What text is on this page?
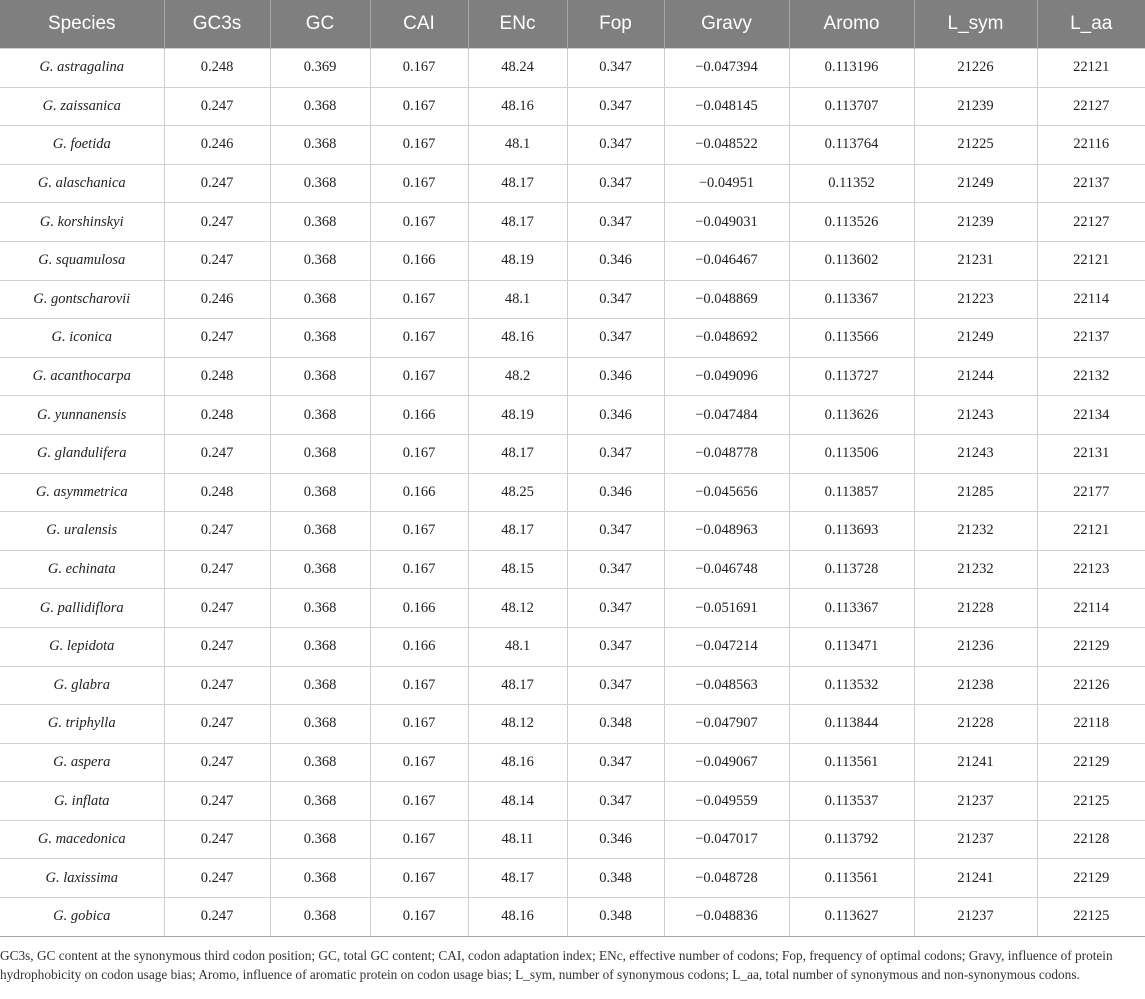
Species	GC3s	GC	CAI	ENc	Fop	Gravy	Aromo	L_sym	L_aa
G. astragalina	0.248	0.369	0.167	48.24	0.347	−0.047394	0.113196	21226	22121
G. zaissanica	0.247	0.368	0.167	48.16	0.347	−0.048145	0.113707	21239	22127
G. foetida	0.246	0.368	0.167	48.1	0.347	−0.048522	0.113764	21225	22116
G. alaschanica	0.247	0.368	0.167	48.17	0.347	−0.04951	0.11352	21249	22137
G. korshinskyi	0.247	0.368	0.167	48.17	0.347	−0.049031	0.113526	21239	22127
G. squamulosa	0.247	0.368	0.166	48.19	0.346	−0.046467	0.113602	21231	22121
G. gontscharovii	0.246	0.368	0.167	48.1	0.347	−0.048869	0.113367	21223	22114
G. iconica	0.247	0.368	0.167	48.16	0.347	−0.048692	0.113566	21249	22137
G. acanthocarpa	0.248	0.368	0.167	48.2	0.346	−0.049096	0.113727	21244	22132
G. yunnanensis	0.248	0.368	0.166	48.19	0.346	−0.047484	0.113626	21243	22134
G. glandulifera	0.247	0.368	0.167	48.17	0.347	−0.048778	0.113506	21243	22131
G. asymmetrica	0.248	0.368	0.166	48.25	0.346	−0.045656	0.113857	21285	22177
G. uralensis	0.247	0.368	0.167	48.17	0.347	−0.048963	0.113693	21232	22121
G. echinata	0.247	0.368	0.167	48.15	0.347	−0.046748	0.113728	21232	22123
G. pallidiflora	0.247	0.368	0.166	48.12	0.347	−0.051691	0.113367	21228	22114
G. lepidota	0.247	0.368	0.166	48.1	0.347	−0.047214	0.113471	21236	22129
G. glabra	0.247	0.368	0.167	48.17	0.347	−0.048563	0.113532	21238	22126
G. triphylla	0.247	0.368	0.167	48.12	0.348	−0.047907	0.113844	21228	22118
G. aspera	0.247	0.368	0.167	48.16	0.347	−0.049067	0.113561	21241	22129
G. inflata	0.247	0.368	0.167	48.14	0.347	−0.049559	0.113537	21237	22125
G. macedonica	0.247	0.368	0.167	48.11	0.346	−0.047017	0.113792	21237	22128
G. laxissima	0.247	0.368	0.167	48.17	0.348	−0.048728	0.113561	21241	22129
G. gobica	0.247	0.368	0.167	48.16	0.348	−0.048836	0.113627	21237	22125

GC3s, GC content at the synonymous third codon position; GC, total GC content; CAI, codon adaptation index; ENc, effective number of codons; Fop, frequency of optimal codons; Gravy, influence of protein hydrophobicity on codon usage bias; Aromo, influence of aromatic protein on codon usage bias; L_sym, number of synonymous codons; L_aa, total number of synonymous and non-synonymous codons.
